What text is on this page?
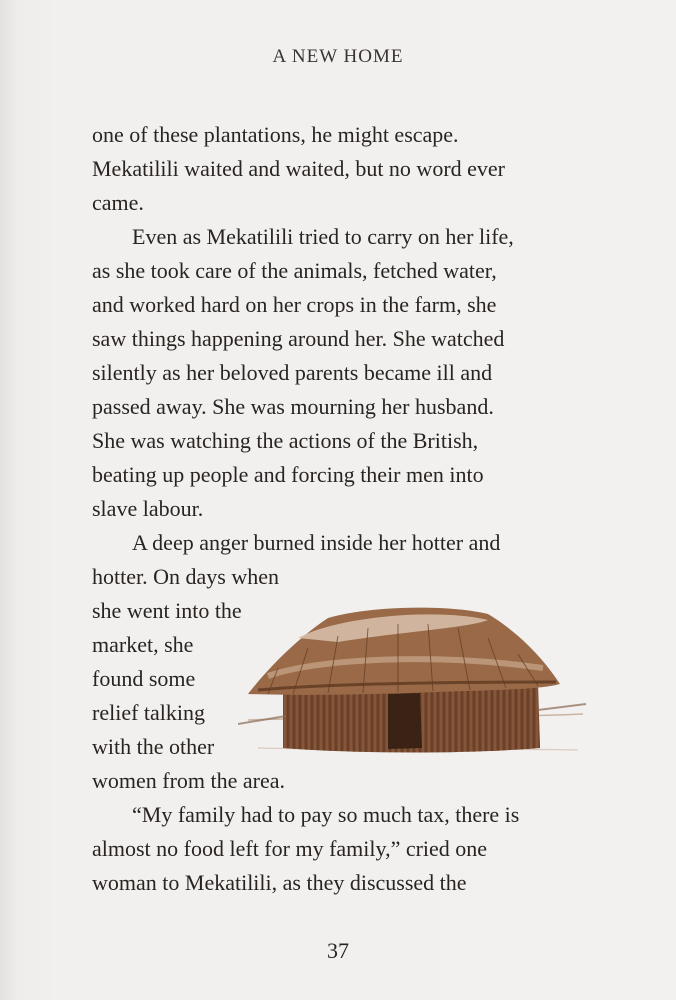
A NEW HOME
one of these plantations, he might escape.
Mekatilili waited and waited, but no word ever
came.
Even as Mekatilili tried to carry on her life,
as she took care of the animals, fetched water,
and worked hard on her crops in the farm, she
saw things happening around her. She watched
silently as her beloved parents became ill and
passed away. She was mourning her husband.
She was watching the actions of the British,
beating up people and forcing their men into
slave labour.
A deep anger burned inside her hotter and
hotter. On days when
she went into the
market, she
found some
relief talking
with the other
women from the area.
“My family had to pay so much tax, there is
almost no food left for my family,” cried one
woman to Mekatilili, as they discussed the
37
